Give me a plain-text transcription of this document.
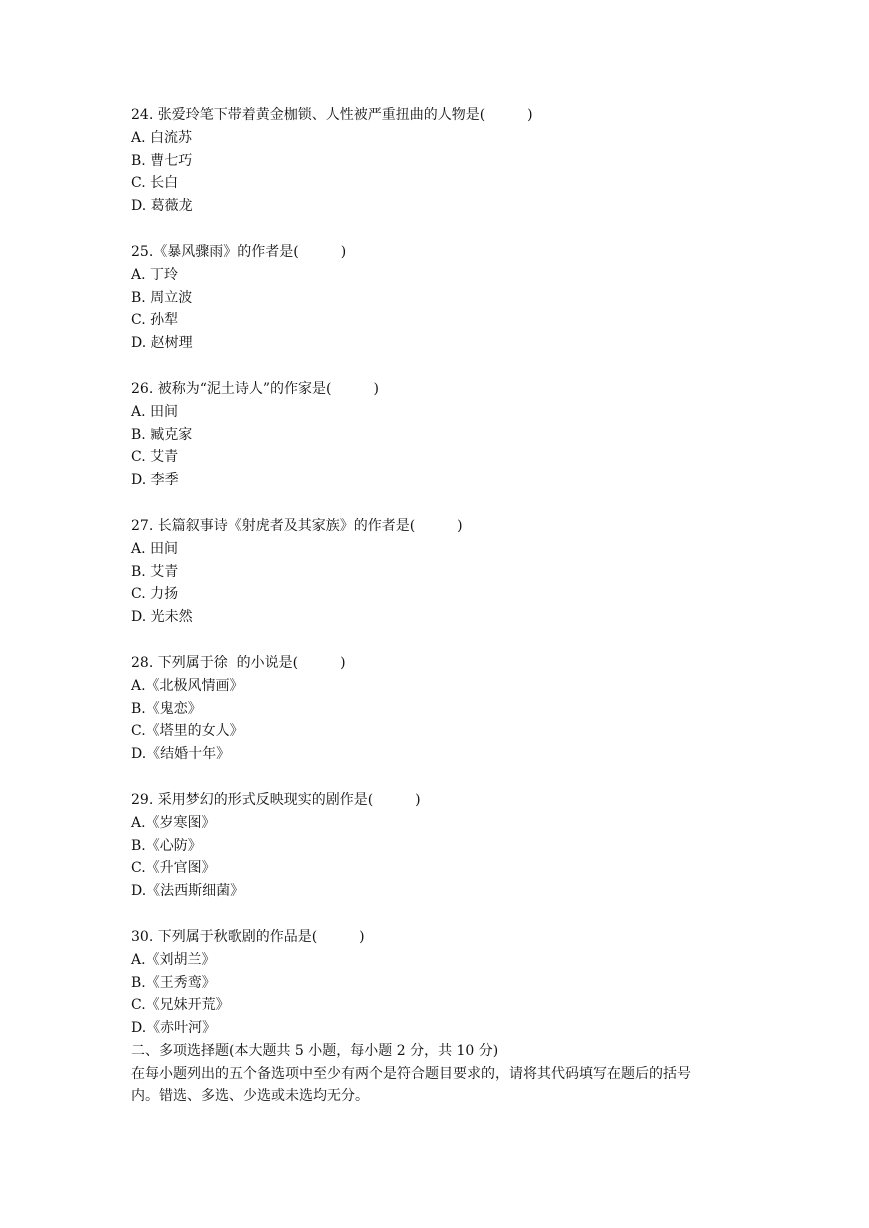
24. 张爱玲笔下带着黄金枷锁、人性被严重扭曲的人物是(　　　)
A. 白流苏
B. 曹七巧
C. 长白
D. 葛薇龙
25.《暴风骤雨》的作者是(　　　)
A. 丁玲
B. 周立波
C. 孙犁
D. 赵树理
26. 被称为“泥土诗人”的作家是(　　　)
A. 田间
B. 臧克家
C. 艾青
D. 李季
27. 长篇叙事诗《射虎者及其家族》的作者是(　　　)
A. 田间
B. 艾青
C. 力扬
D. 光未然
28. 下列属于徐  的小说是(　　　)
A.《北极风情画》
B.《鬼恋》
C.《塔里的女人》
D.《结婚十年》
29. 采用梦幻的形式反映现实的剧作是(　　　)
A.《岁寒图》
B.《心防》
C.《升官图》
D.《法西斯细菌》
30. 下列属于秋歌剧的作品是(　　　)
A.《刘胡兰》
B.《王秀鸾》
C.《兄妹开荒》
D.《赤叶河》
二、多项选择题(本大题共 5 小题，每小题 2 分，共 10 分)
在每小题列出的五个备选项中至少有两个是符合题目要求的，请将其代码填写在题后的括号
内。错选、多选、少选或未选均无分。
